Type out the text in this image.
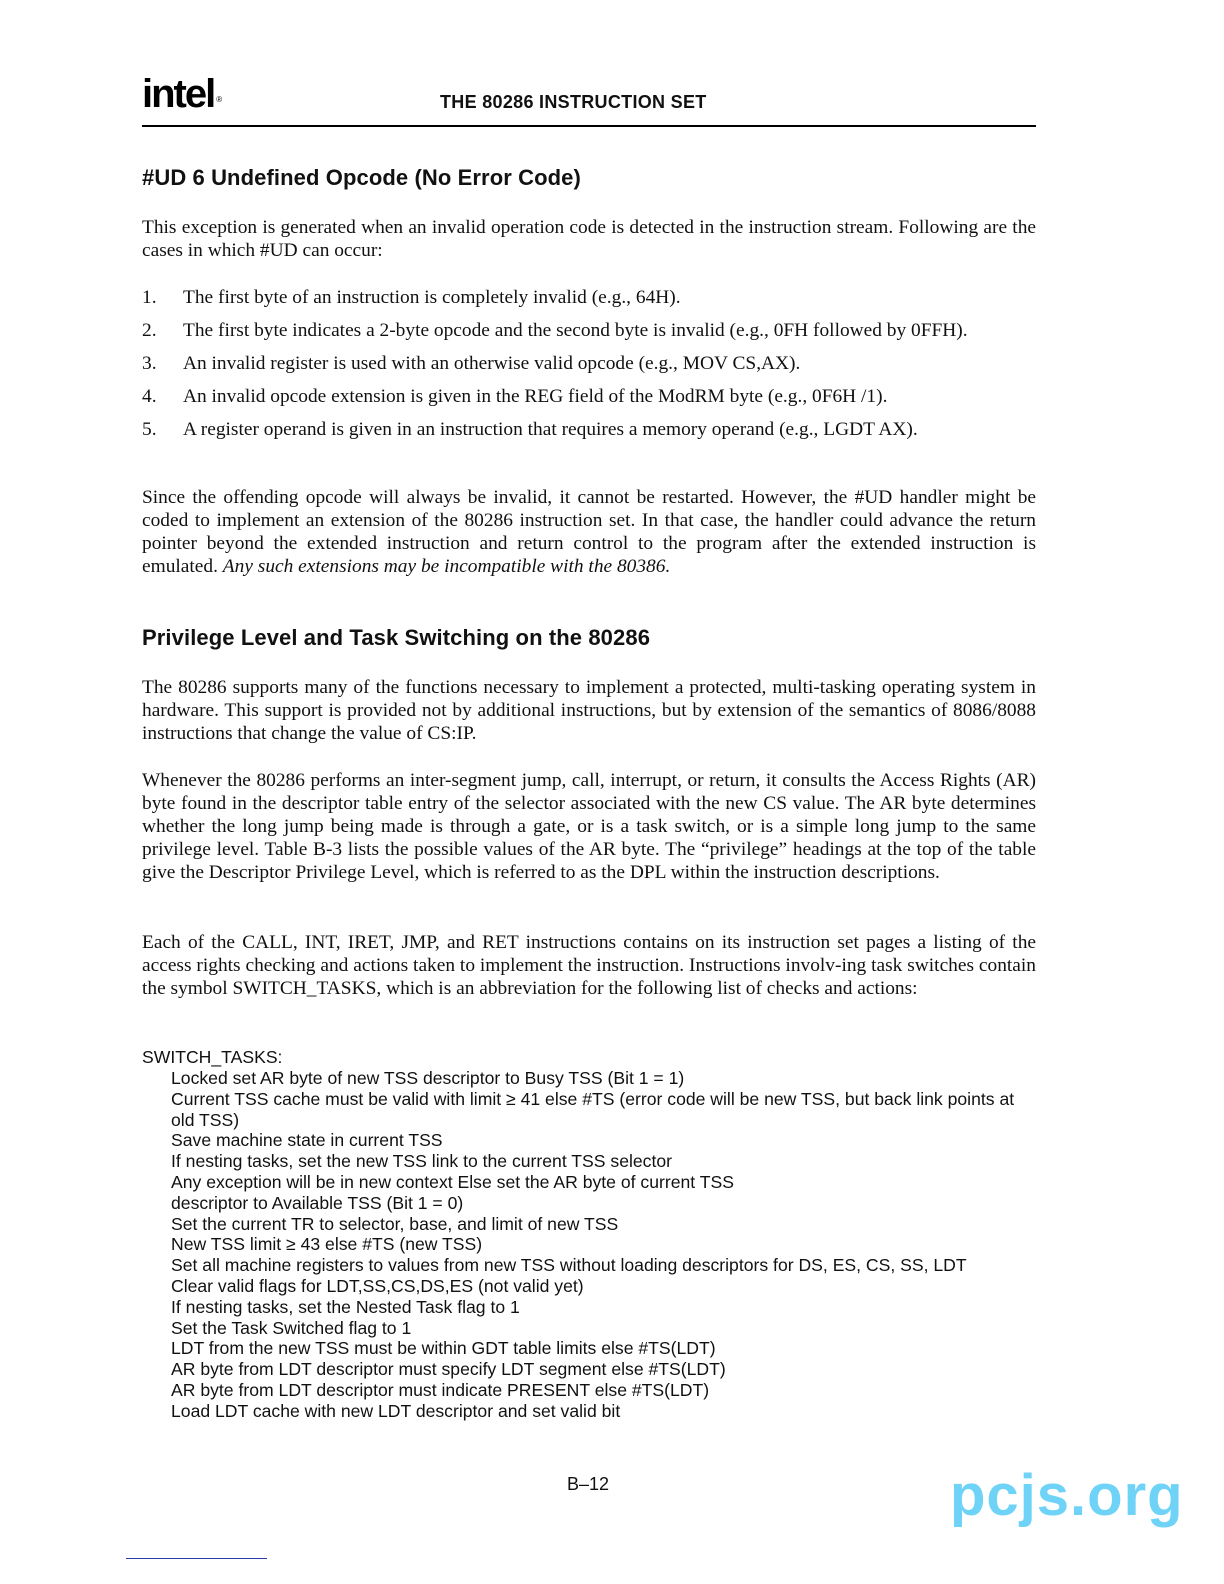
intel ®	THE 80286 INSTRUCTION SET
#UD 6 Undefined Opcode (No Error Code)

This exception is generated when an invalid operation code is detected in the instruction stream. Following are the cases in which #UD can occur:

1. The first byte of an instruction is completely invalid (e.g., 64H).
2. The first byte indicates a 2-byte opcode and the second byte is invalid (e.g., 0FH followed by 0FFH).
3. An invalid register is used with an otherwise valid opcode (e.g., MOV CS,AX).
4. An invalid opcode extension is given in the REG field of the ModRM byte (e.g., 0F6H /1).
5. A register operand is given in an instruction that requires a memory operand (e.g., LGDT AX).

Since the offending opcode will always be invalid, it cannot be restarted. However, the #UD handler might be coded to implement an extension of the 80286 instruction set. In that case, the handler could advance the return pointer beyond the extended instruction and return control to the program after the extended instruction is emulated. Any such extensions may be incompatible with the 80386.

Privilege Level and Task Switching on the 80286

The 80286 supports many of the functions necessary to implement a protected, multi-tasking operating system in hardware. This support is provided not by additional instructions, but by extension of the semantics of 8086/8088 instructions that change the value of CS:IP.

Whenever the 80286 performs an inter-segment jump, call, interrupt, or return, it consults the Access Rights (AR) byte found in the descriptor table entry of the selector associated with the new CS value. The AR byte determines whether the long jump being made is through a gate, or is a task switch, or is a simple long jump to the same privilege level. Table B-3 lists the possible values of the AR byte. The “privilege” headings at the top of the table give the Descriptor Privilege Level, which is referred to as the DPL within the instruction descriptions.

Each of the CALL, INT, IRET, JMP, and RET instructions contains on its instruction set pages a listing of the access rights checking and actions taken to implement the instruction. Instructions involv-ing task switches contain the symbol SWITCH_TASKS, which is an abbreviation for the following list of checks and actions:

SWITCH_TASKS:
Locked set AR byte of new TSS descriptor to Busy TSS (Bit 1 = 1)
Current TSS cache must be valid with limit ≥ 41 else #TS (error code will be new TSS, but back link points at old TSS)
Save machine state in current TSS
If nesting tasks, set the new TSS link to the current TSS selector
Any exception will be in new context Else set the AR byte of current TSS descriptor to Available TSS (Bit 1 = 0)
Set the current TR to selector, base, and limit of new TSS
New TSS limit ≥ 43 else #TS (new TSS)
Set all machine registers to values from new TSS without loading descriptors for DS, ES, CS, SS, LDT
Clear valid flags for LDT,SS,CS,DS,ES (not valid yet)
If nesting tasks, set the Nested Task flag to 1
Set the Task Switched flag to 1
LDT from the new TSS must be within GDT table limits else #TS(LDT)
AR byte from LDT descriptor must specify LDT segment else #TS(LDT)
AR byte from LDT descriptor must indicate PRESENT else #TS(LDT)
Load LDT cache with new LDT descriptor and set valid bit
B–12	pcjs.org
